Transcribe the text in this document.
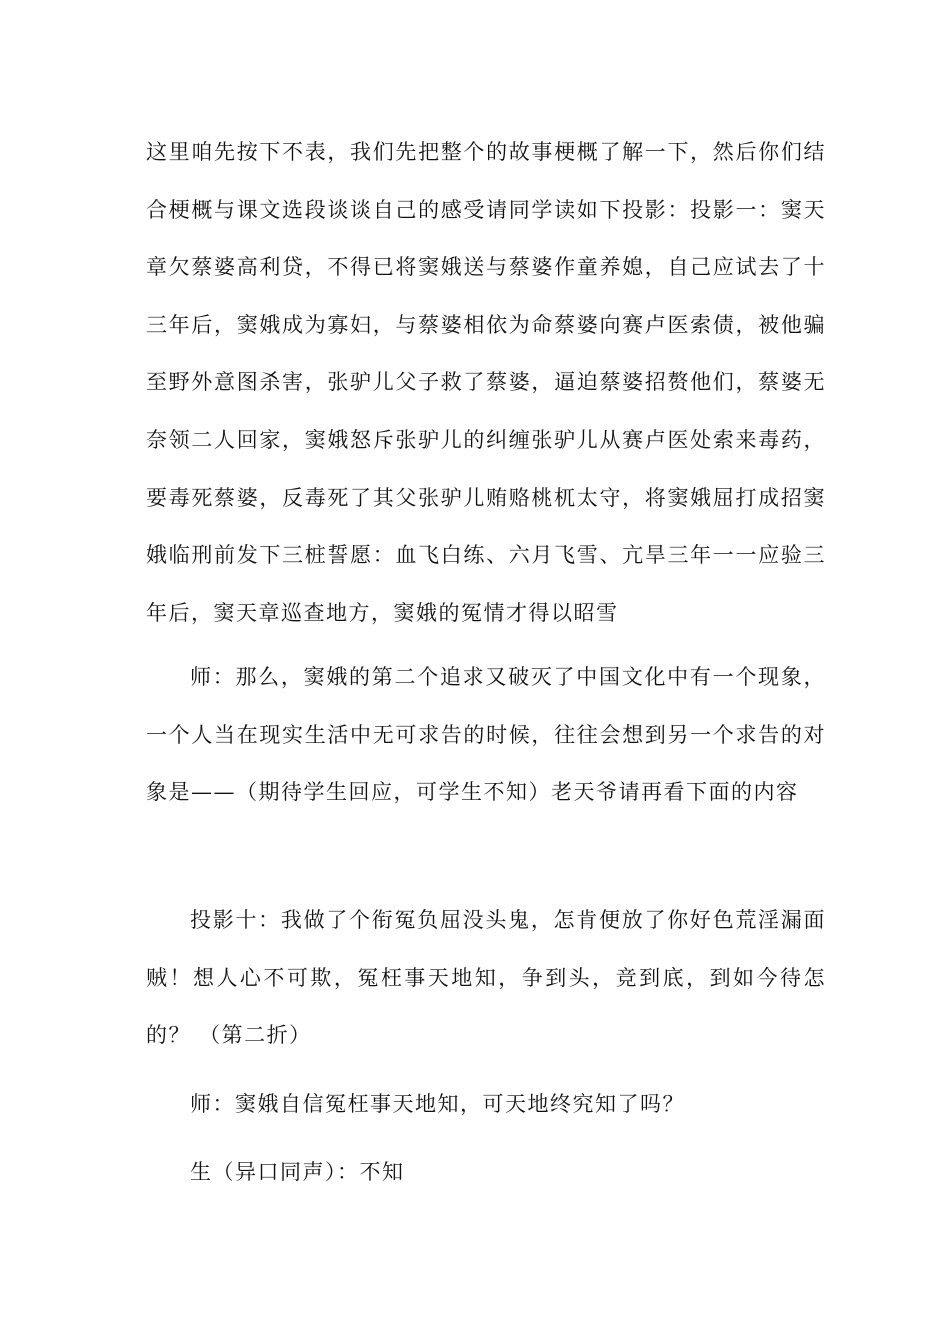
这里咱先按下不表，我们先把整个的故事梗概了解一下，然后你们结合梗概与课文选段谈谈自己的感受请同学读如下投影：投影一：窦天章欠蔡婆高利贷，不得已将窦娥送与蔡婆作童养媳，自己应试去了十三年后，窦娥成为寡妇，与蔡婆相依为命蔡婆向赛卢医索债，被他骗至野外意图杀害，张驴儿父子救了蔡婆，逼迫蔡婆招赘他们，蔡婆无奈领二人回家，窦娥怒斥张驴儿的纠缠张驴儿从赛卢医处索来毒药，要毒死蔡婆，反毒死了其父张驴儿贿赂桃杌太守，将窦娥屈打成招窦娥临刑前发下三桩誓愿：血飞白练、六月飞雪、亢旱三年一一应验三年后，窦天章巡查地方，窦娥的冤情才得以昭雪

师：那么，窦娥的第二个追求又破灭了中国文化中有一个现象，一个人当在现实生活中无可求告的时候，往往会想到另一个求告的对象是——（期待学生回应，可学生不知）老天爷请再看下面的内容

投影十：我做了个衔冤负屈没头鬼，怎肯便放了你好色荒淫漏面贼！想人心不可欺，冤枉事天地知，争到头，竞到底，到如今待怎的？ （第二折）

师：窦娥自信冤枉事天地知，可天地终究知了吗？

生（异口同声）：不知
